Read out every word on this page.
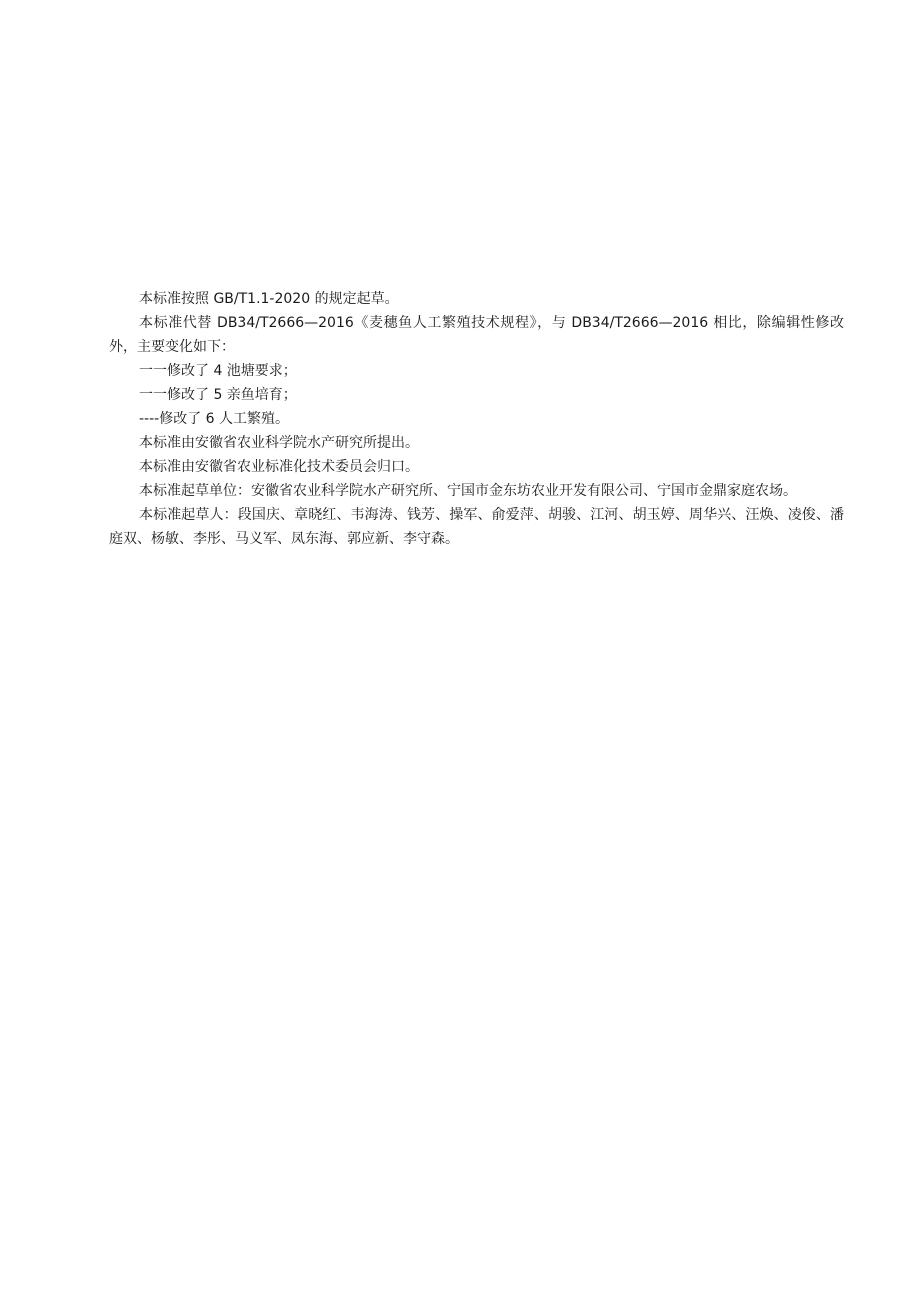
本标准按照 GB/T1.1-2020 的规定起草。

本标准代替 DB34/T2666—2016《麦穗鱼人工繁殖技术规程》，与 DB34/T2666—2016 相比，除编辑性修改外，主要变化如下：

一一修改了 4 池塘要求；

一一修改了 5 亲鱼培育；

----修改了 6 人工繁殖。

本标准由安徽省农业科学院水产研究所提出。

本标准由安徽省农业标准化技术委员会归口。

本标准起草单位：安徽省农业科学院水产研究所、宁国市金东坊农业开发有限公司、宁国市金鼎家庭农场。

本标准起草人：段国庆、章晓红、韦海涛、钱芳、操军、俞爱萍、胡骏、江河、胡玉婷、周华兴、汪焕、凌俊、潘庭双、杨敏、李彤、马义军、凤东海、郭应新、李守森。
